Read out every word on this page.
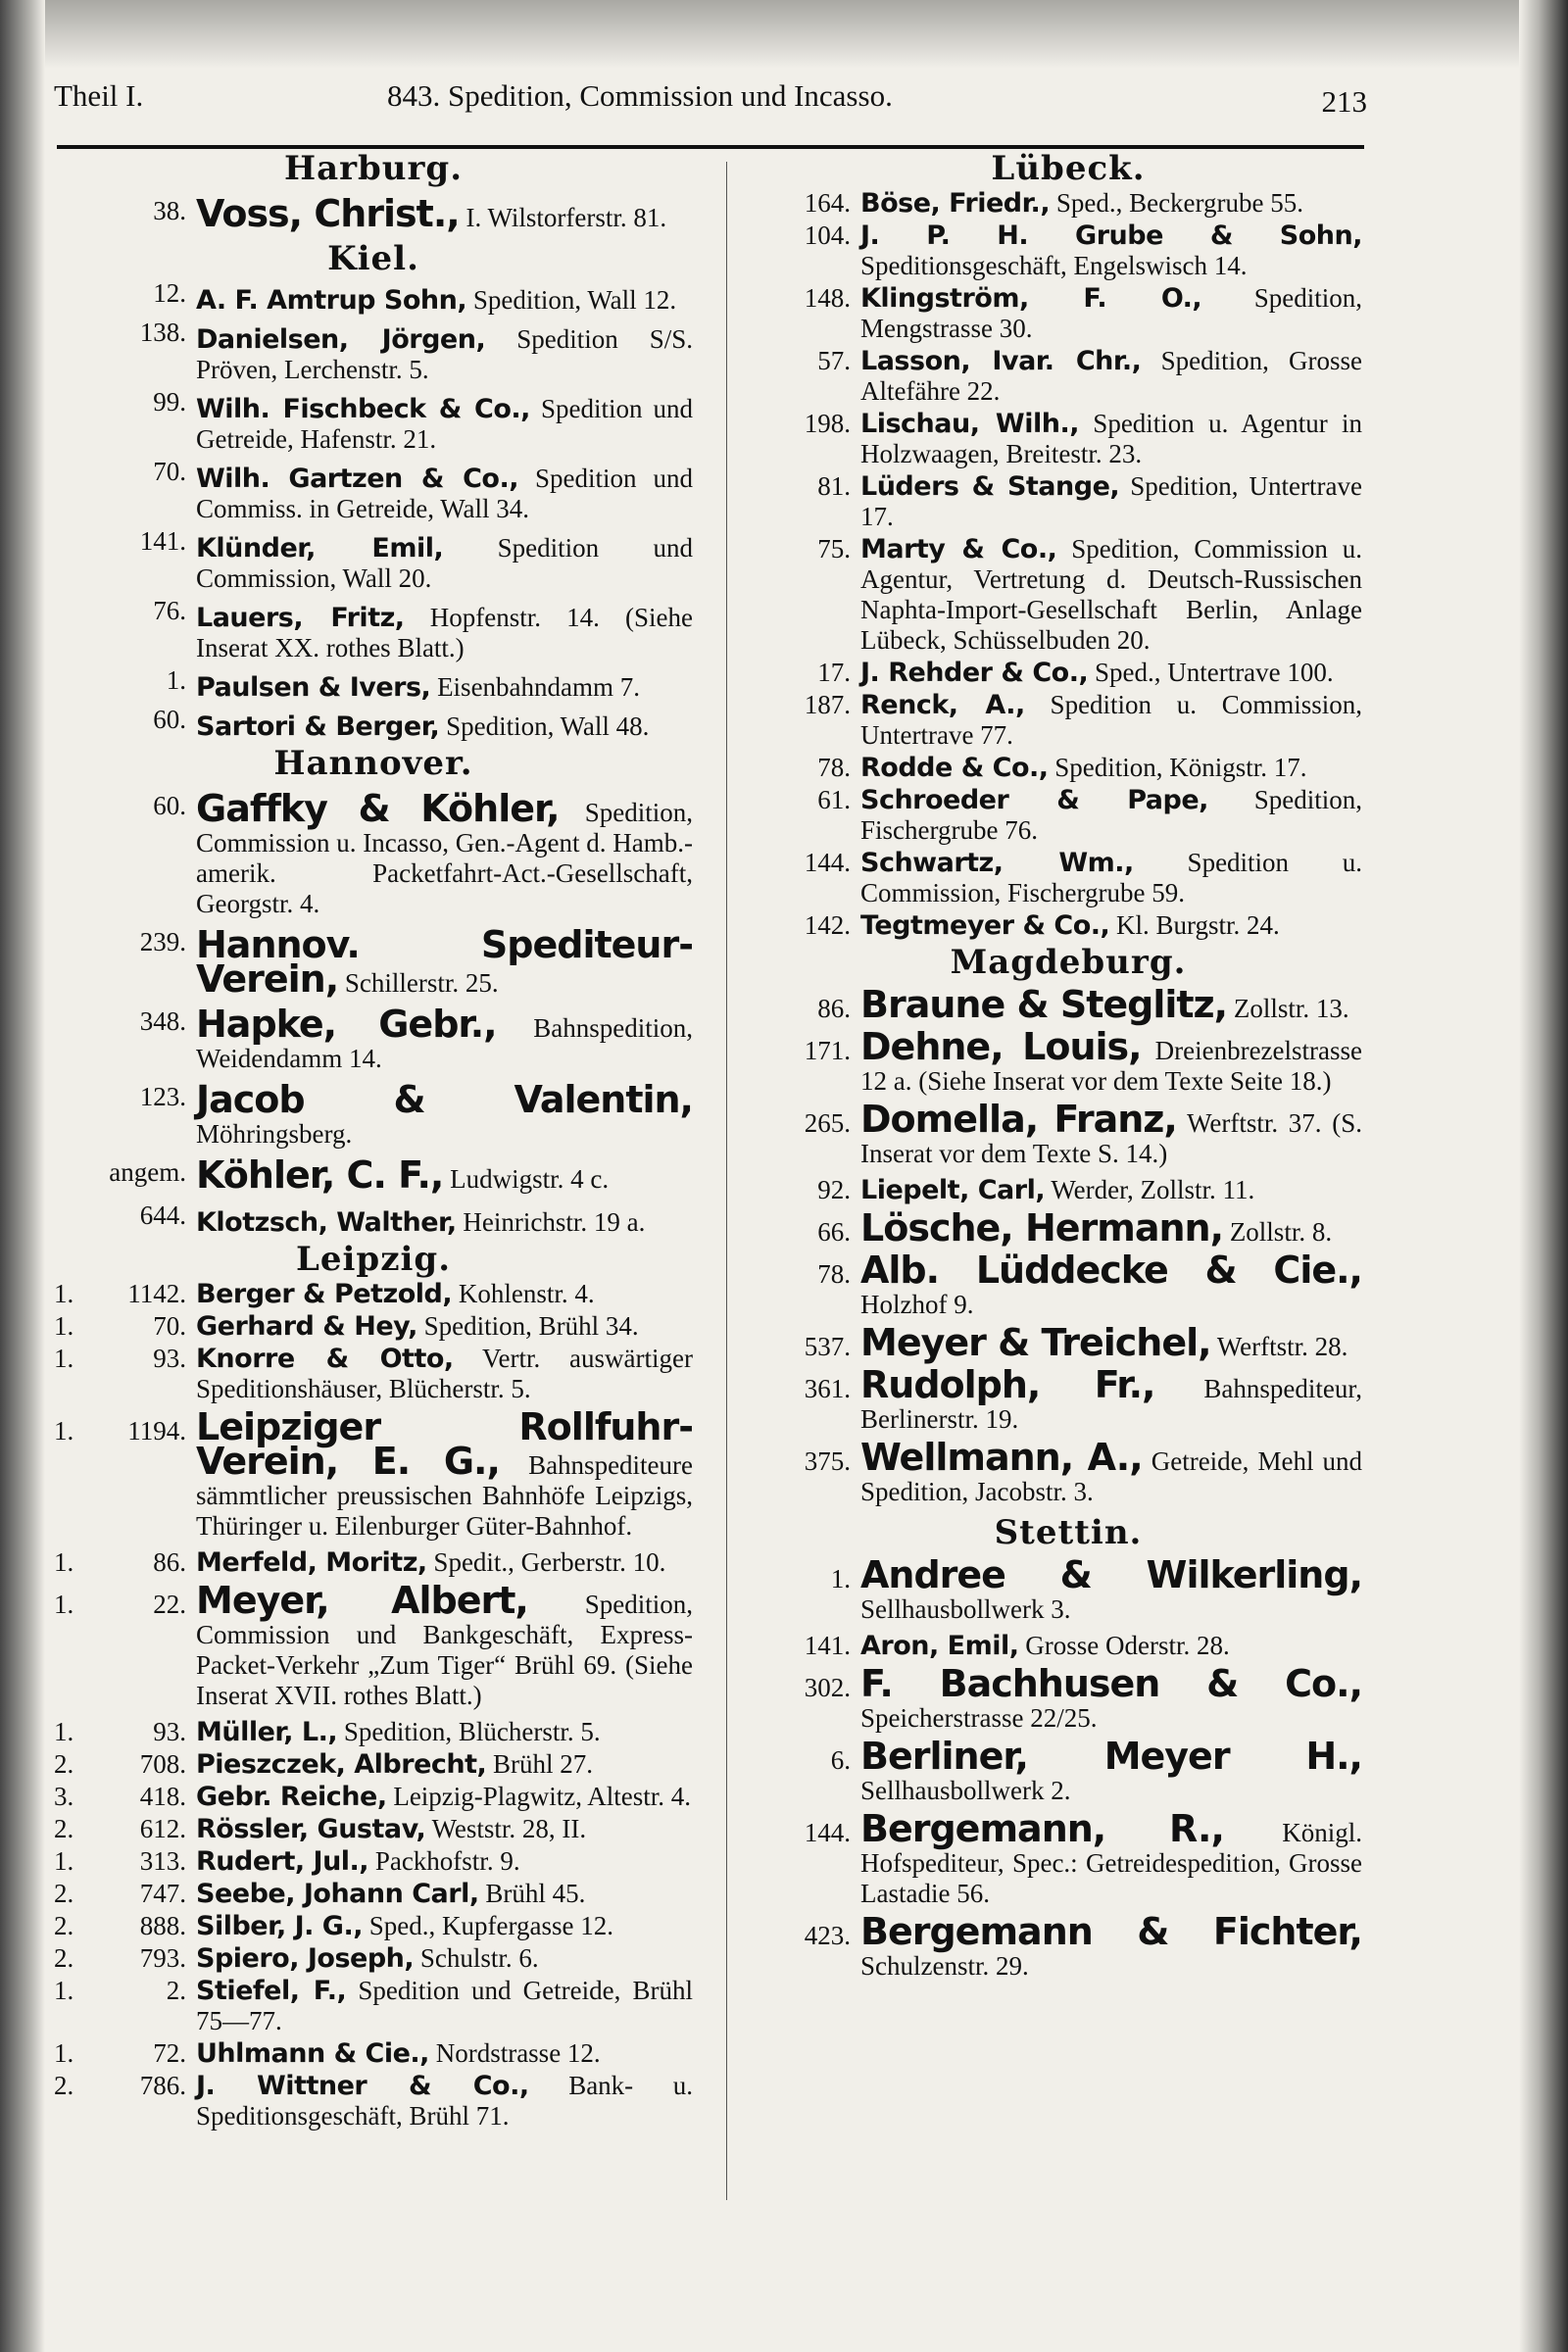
Theil I.	843. Spedition, Commission und Incasso.	213
Harburg.
38. Voss, Christ., I. Wilstorferstr. 81.
Kiel.
12. A. F. Amtrup Sohn, Spedition, Wall 12.
138. Danielsen, Jörgen, Spedition S/S. Pröven, Lerchenstr. 5.
99. Wilh. Fischbeck & Co., Spedition und Getreide, Hafenstr. 21.
70. Wilh. Gartzen & Co., Spedition und Commiss. in Getreide, Wall 34.
141. Klünder, Emil, Spedition und Commission, Wall 20.
76. Lauers, Fritz, Hopfenstr. 14. (Siehe Inserat XX. rothes Blatt.)
1. Paulsen & Ivers, Eisenbahndamm 7.
60. Sartori & Berger, Spedition, Wall 48.
Hannover.
60. Gaffky & Köhler, Spedition, Commission u. Incasso, Gen.-Agent d. Hamb.-amerik. Packetfahrt-Act.-Gesellschaft, Georgstr. 4.
239. Hannov. Spediteur-Verein, Schillerstr. 25.
348. Hapke, Gebr., Bahnspedition, Weidendamm 14.
123. Jacob & Valentin, Möhringsberg.
angem. Köhler, C. F., Ludwigstr. 4 c.
644. Klotzsch, Walther, Heinrichstr. 19 a.
Leipzig.
1. 1142. Berger & Petzold, Kohlenstr. 4.
1.	70. Gerhard & Hey, Spedition, Brühl 34.
1.	93. Knorre & Otto, Vertr. auswärtiger Speditionshäuser, Blücherstr. 5.
1. 1194. Leipziger Rollfuhr-Verein, E. G., Bahnspediteure sämmtlicher preussischen Bahnhöfe Leipzigs, Thüringer u. Eilenburger Güter-Bahnhof.
1.	86. Merfeld, Moritz, Spedit., Gerberstr. 10.
1.	22. Meyer, Albert, Spedition, Commission und Bankgeschäft, Express-Packet-Verkehr „Zum Tiger“ Brühl 69. (Siehe Inserat XVII. rothes Blatt.)
1.	93. Müller, L., Spedition, Blücherstr. 5.
2.	708. Pieszczek, Albrecht, Brühl 27.
3.	418. Gebr. Reiche, Leipzig-Plagwitz, Altestr. 4.
2.	612. Rössler, Gustav, Weststr. 28, II.
1.	313. Rudert, Jul., Packhofstr. 9.
2.	747. Seebe, Johann Carl, Brühl 45.
2.	888. Silber, J. G., Sped., Kupfergasse 12.
2.	793. Spiero, Joseph, Schulstr. 6.
1.	2. Stiefel, F., Spedition und Getreide, Brühl 75—77.
1.	72. Uhlmann & Cie., Nordstrasse 12.
2.	786. J. Wittner & Co., Bank- u. Speditionsgeschäft, Brühl 71.
Lübeck.
164. Böse, Friedr., Sped., Beckergrube 55.
104. J. P. H. Grube & Sohn, Speditionsgeschäft, Engelswisch 14.
148. Klingström, F. O., Spedition, Mengstrasse 30.
57. Lasson, Ivar. Chr., Spedition, Grosse Altefähre 22.
198. Lischau, Wilh., Spedition u. Agentur in Holzwaagen, Breitestr. 23.
81. Lüders & Stange, Spedition, Untertrave 17.
75. Marty & Co., Spedition, Commission u. Agentur, Vertretung d. Deutsch-Russischen Naphta-Import-Gesellschaft Berlin, Anlage Lübeck, Schüsselbuden 20.
17. J. Rehder & Co., Sped., Untertrave 100.
187. Renck, A., Spedition u. Commission, Untertrave 77.
78. Rodde & Co., Spedition, Königstr. 17.
61. Schroeder & Pape, Spedition, Fischergrube 76.
144. Schwartz, Wm., Spedition u. Commission, Fischergrube 59.
142. Tegtmeyer & Co., Kl. Burgstr. 24.
Magdeburg.
86. Braune & Steglitz, Zollstr. 13.
171. Dehne, Louis, Dreienbrezelstrasse 12 a. (Siehe Inserat vor dem Texte Seite 18.)
265. Domella, Franz, Werftstr. 37. (S. Inserat vor dem Texte S. 14.)
92. Liepelt, Carl, Werder, Zollstr. 11.
66. Lösche, Hermann, Zollstr. 8.
78. Alb. Lüddecke & Cie., Holzhof 9.
537. Meyer & Treichel, Werftstr. 28.
361. Rudolph, Fr., Bahnspediteur, Berlinerstr. 19.
375. Wellmann, A., Getreide, Mehl und Spedition, Jacobstr. 3.
Stettin.
1. Andree & Wilkerling, Sellhausbollwerk 3.
141. Aron, Emil, Grosse Oderstr. 28.
302. F. Bachhusen & Co., Speicherstrasse 22/25.
6. Berliner, Meyer H., Sellhausbollwerk 2.
144. Bergemann, R., Königl. Hofspediteur, Spec.: Getreidespedition, Grosse Lastadie 56.
423. Bergemann & Fichter, Schulzenstr. 29.
